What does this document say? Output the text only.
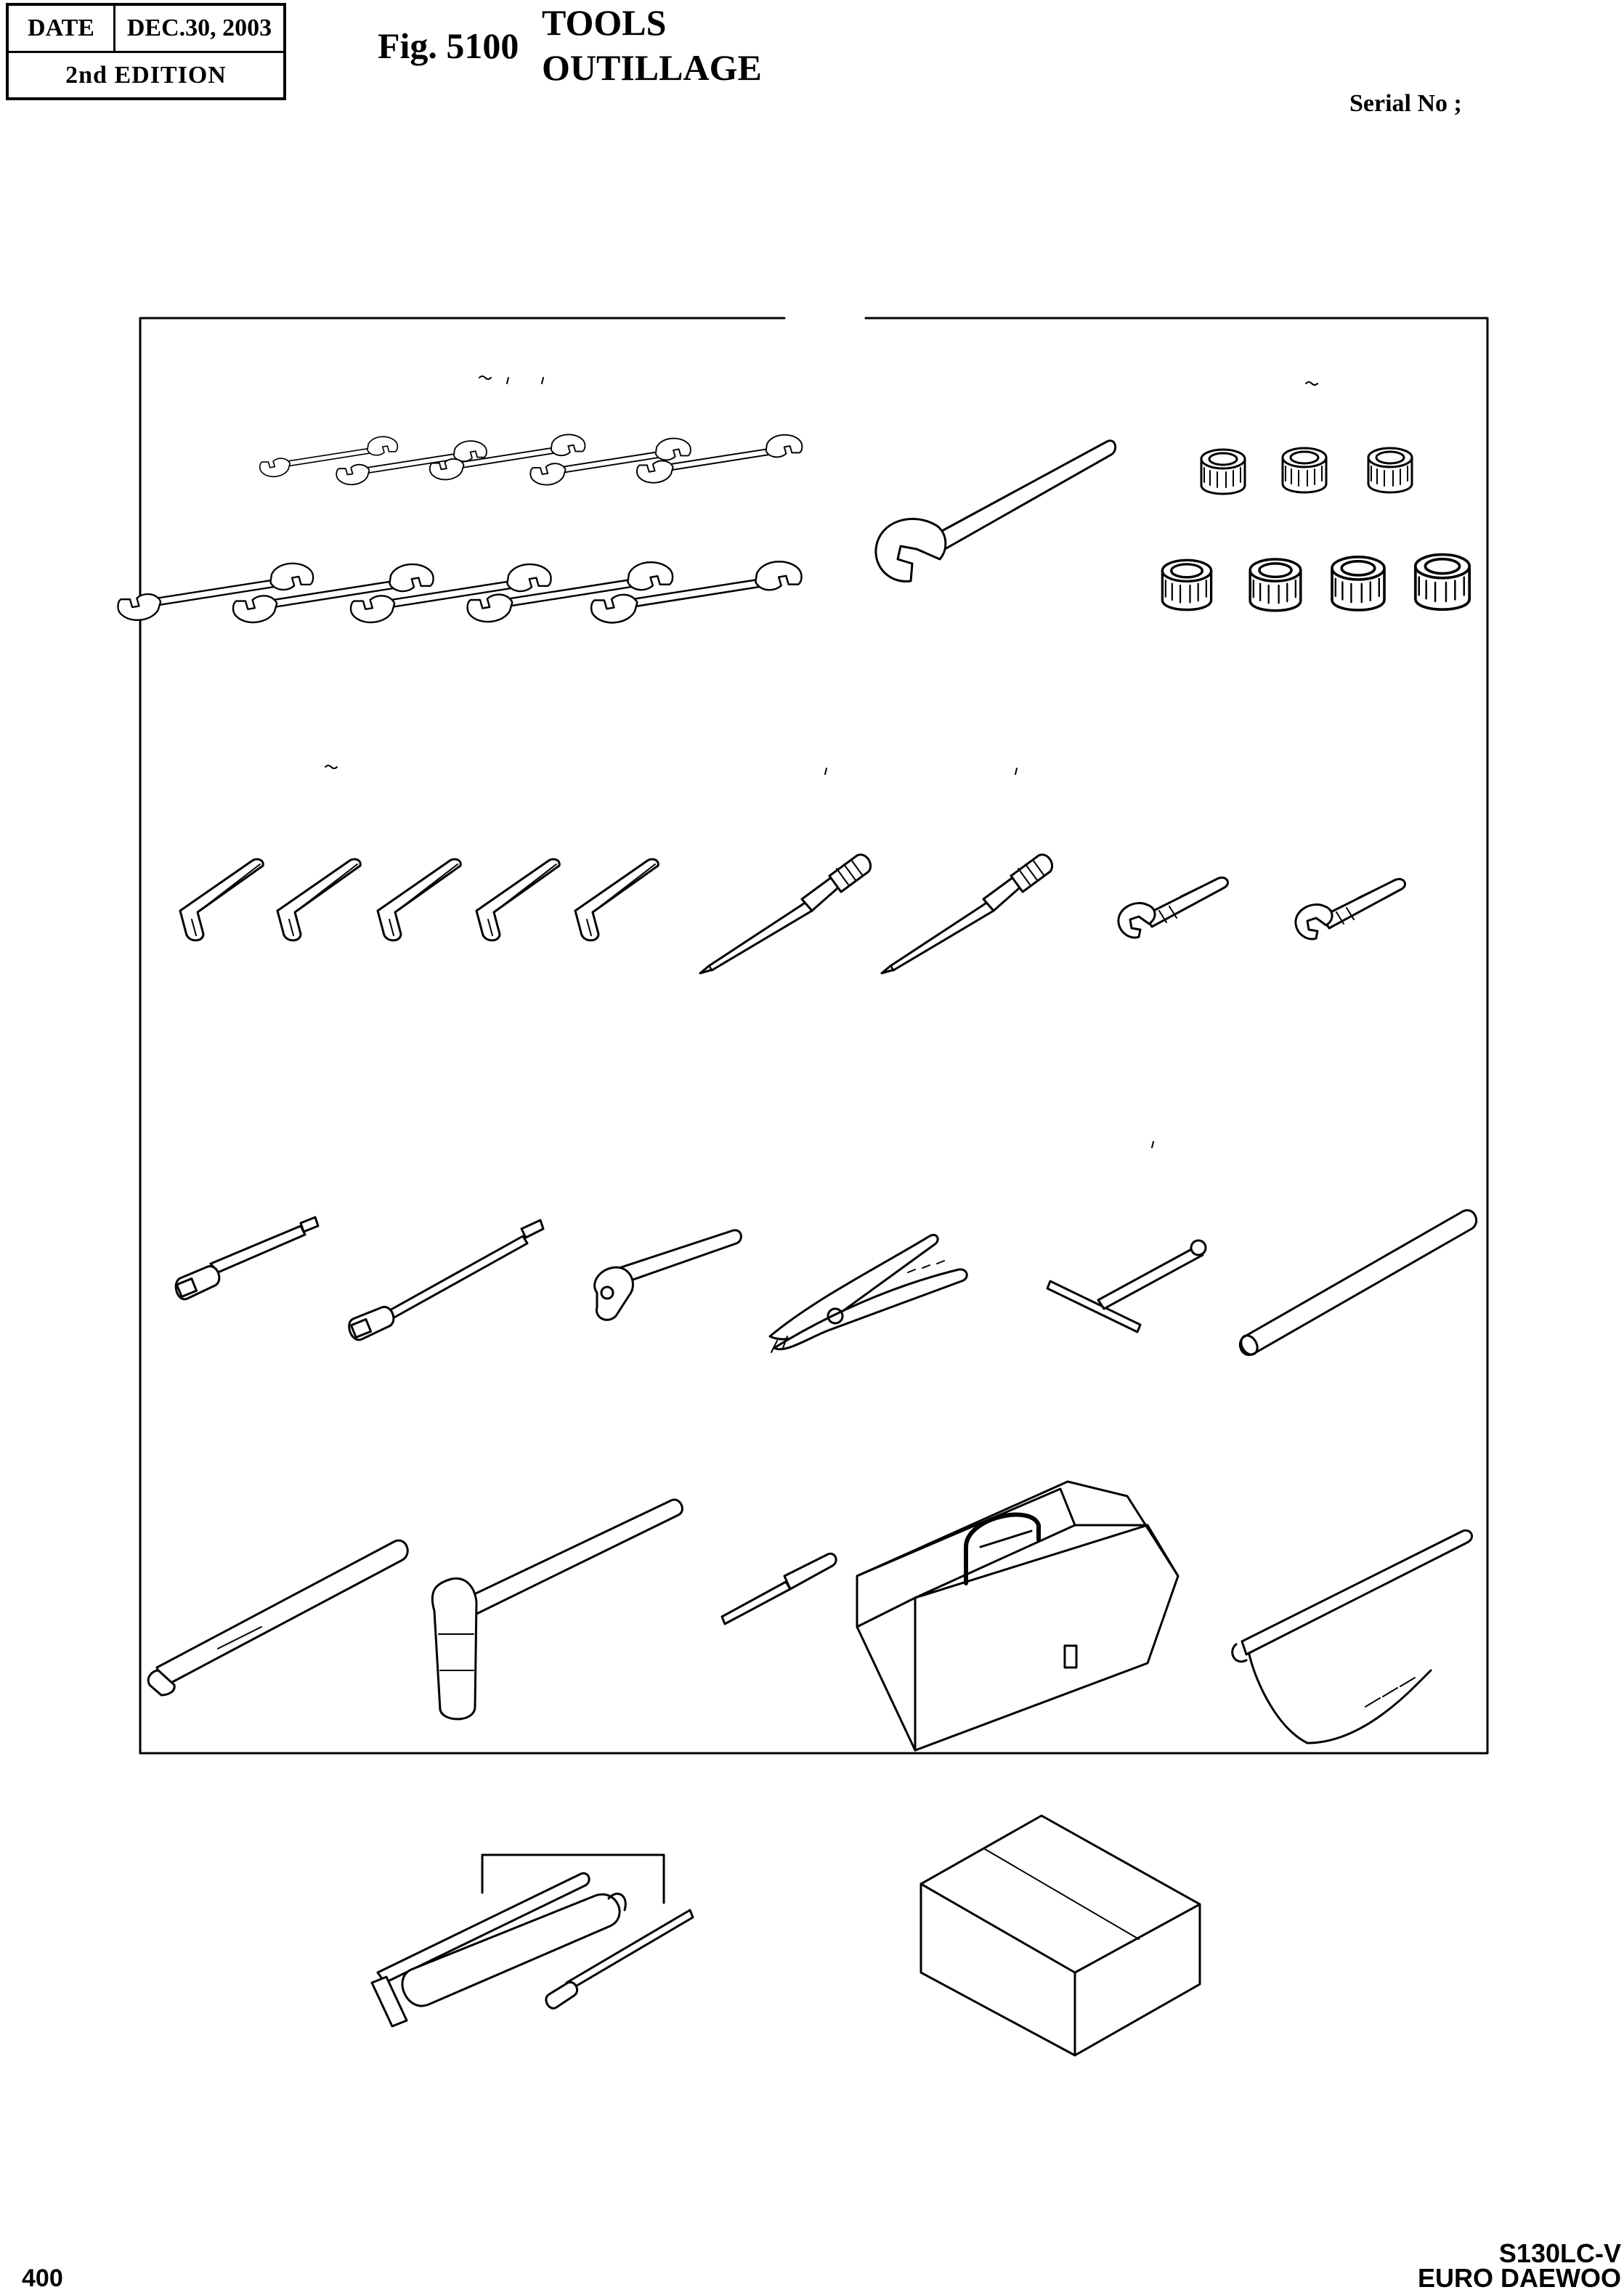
DATE	DEC.30, 2003
2nd EDITION
Fig. 5100
TOOLS
OUTILLAGE
Serial No ;
400
S130LC-V
EURO DAEWOO
